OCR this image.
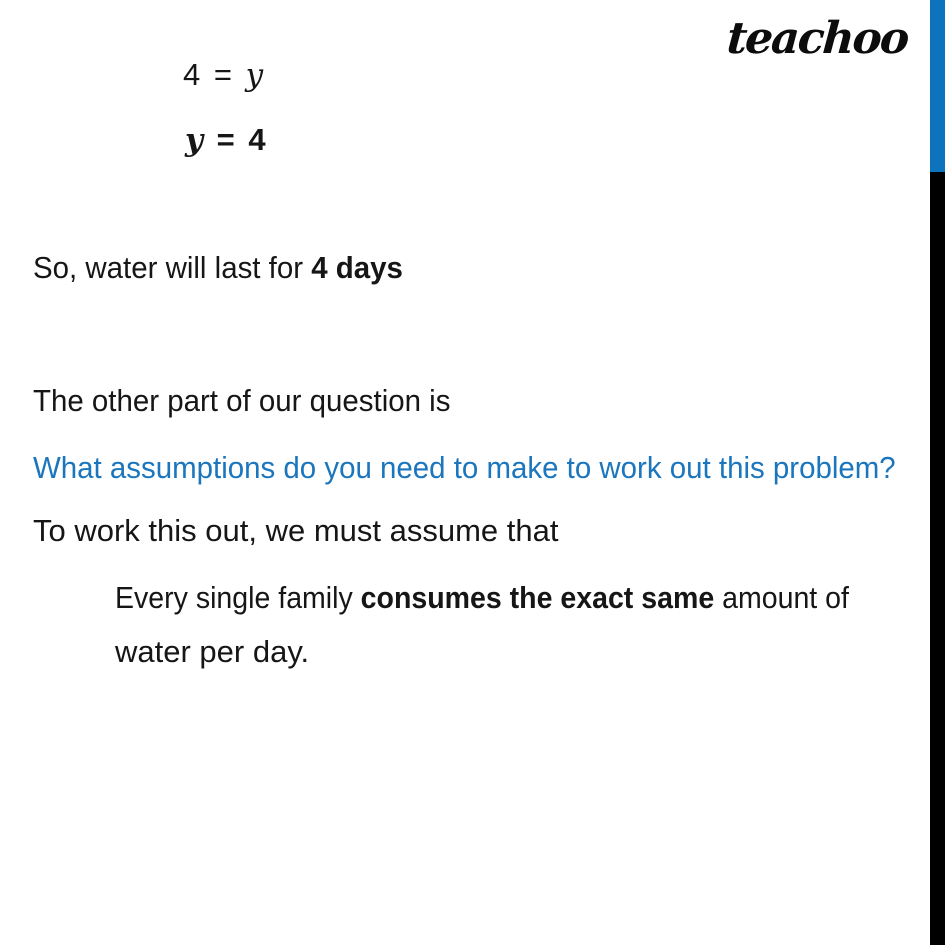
teachoo
4 = y
y = 4
So, water will last for 4 days
The other part of our question is
What assumptions do you need to make to work out this problem?
To work this out, we must assume that
Every single family consumes the exact same amount of
water per day.
